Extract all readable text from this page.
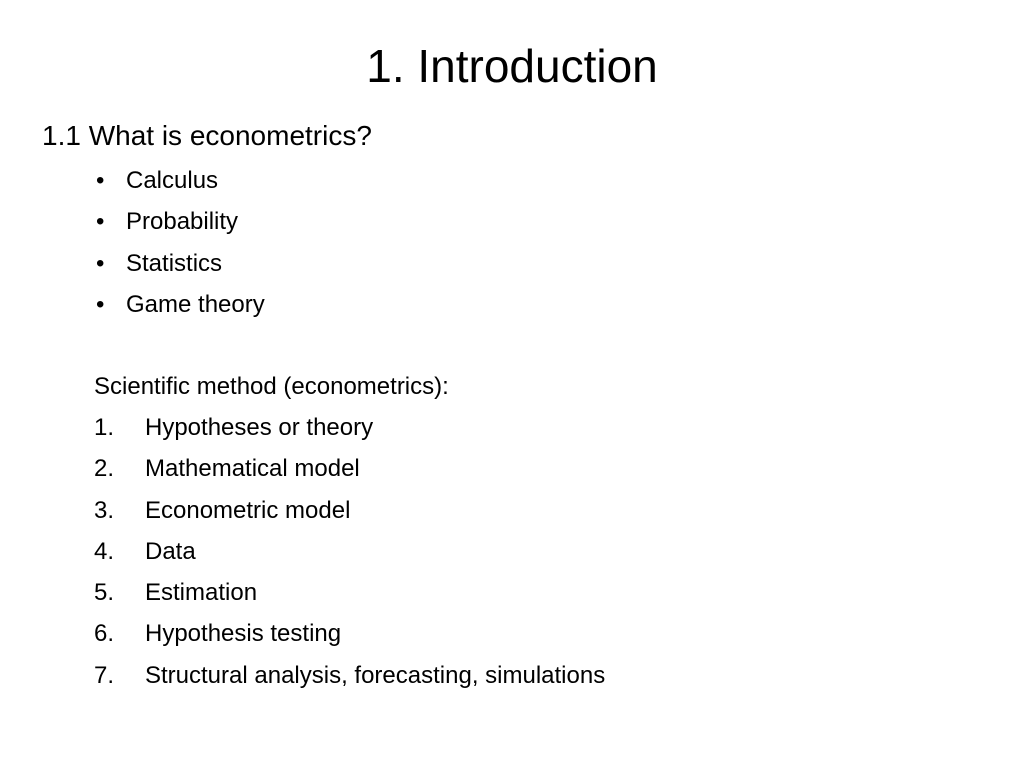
1. Introduction
1.1 What is econometrics?
• Calculus
• Probability
• Statistics
• Game theory

Scientific method (econometrics):

1.	Hypotheses or theory
2.	Mathematical model
3.	Econometric model
4.	Data
5.	Estimation
6.	Hypothesis testing
7.	Structural analysis, forecasting, simulations
